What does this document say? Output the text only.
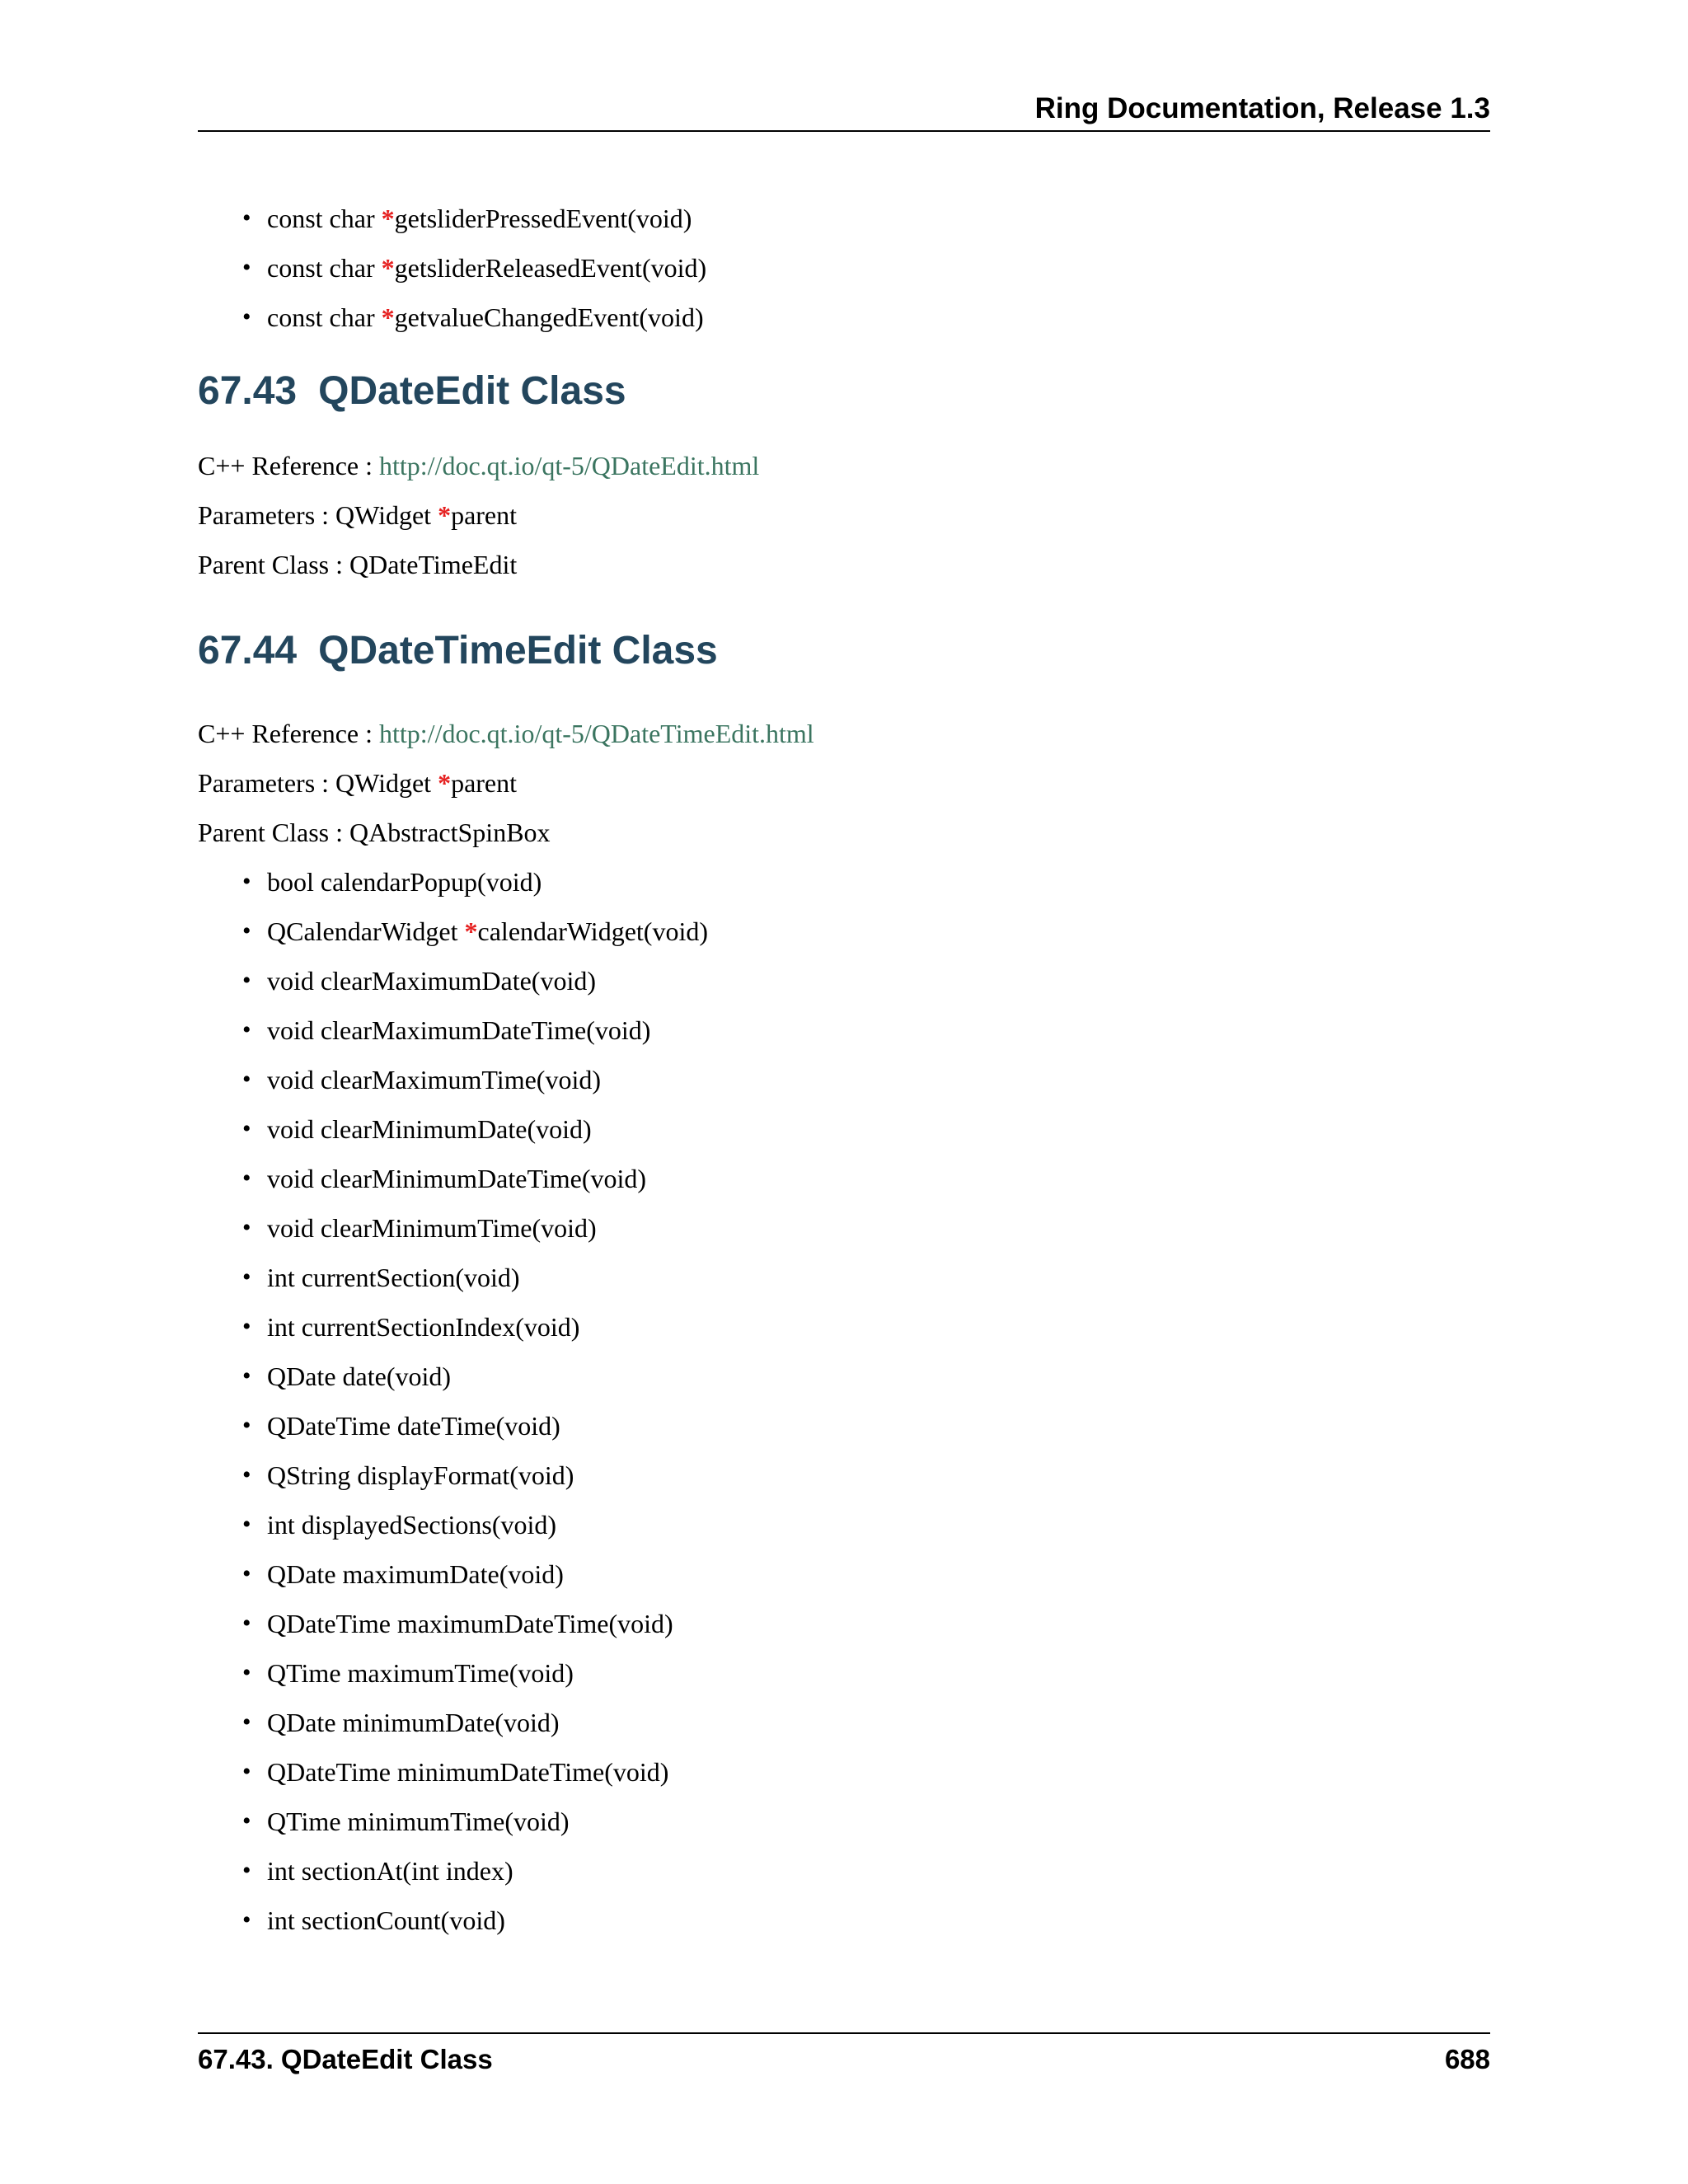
Ring Documentation, Release 1.3
• const char *getsliderPressedEvent(void)
• const char *getsliderReleasedEvent(void)
• const char *getvalueChangedEvent(void)
67.43 QDateEdit Class
C++ Reference : http://doc.qt.io/qt-5/QDateEdit.html
Parameters : QWidget *parent
Parent Class : QDateTimeEdit
67.44 QDateTimeEdit Class
C++ Reference : http://doc.qt.io/qt-5/QDateTimeEdit.html
Parameters : QWidget *parent
Parent Class : QAbstractSpinBox
• bool calendarPopup(void)
• QCalendarWidget *calendarWidget(void)
• void clearMaximumDate(void)
• void clearMaximumDateTime(void)
• void clearMaximumTime(void)
• void clearMinimumDate(void)
• void clearMinimumDateTime(void)
• void clearMinimumTime(void)
• int currentSection(void)
• int currentSectionIndex(void)
• QDate date(void)
• QDateTime dateTime(void)
• QString displayFormat(void)
• int displayedSections(void)
• QDate maximumDate(void)
• QDateTime maximumDateTime(void)
• QTime maximumTime(void)
• QDate minimumDate(void)
• QDateTime minimumDateTime(void)
• QTime minimumTime(void)
• int sectionAt(int index)
• int sectionCount(void)
67.43. QDateEdit Class	688
